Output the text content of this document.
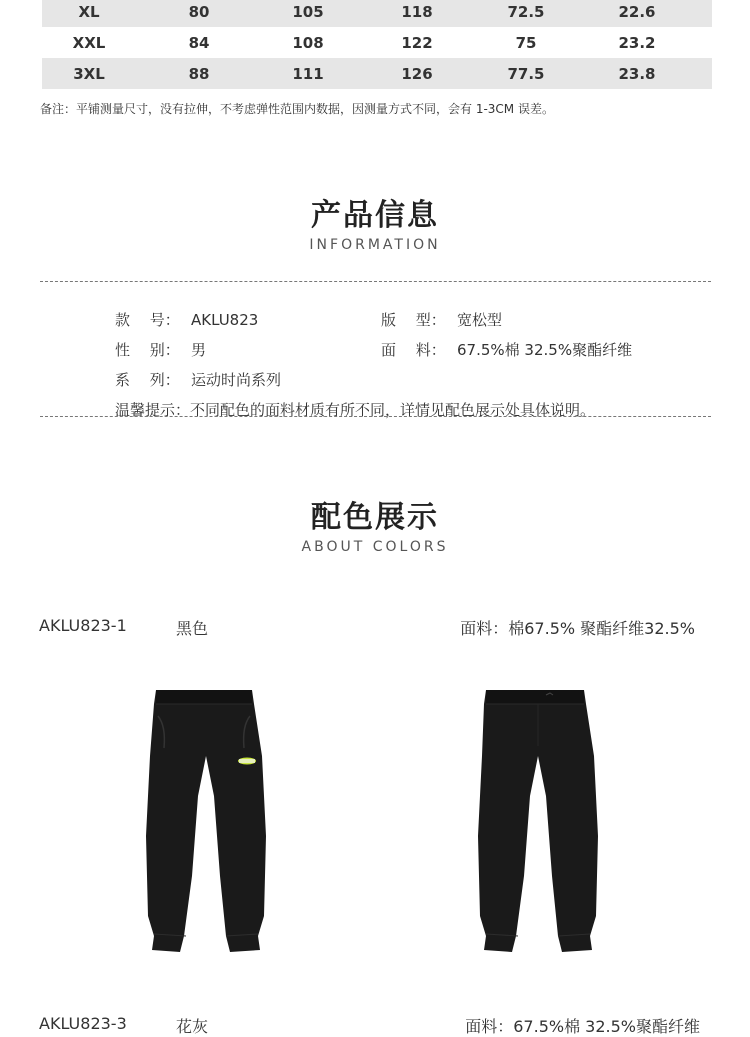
XL	80	105	118	72.5	22.6
XXL	84	108	122	75	23.2
3XL	88	111	126	77.5	23.8
备注：平铺测量尺寸，没有拉伸，不考虑弹性范围内数据，因测量方式不同，会有 1-3CM 误差。
产品信息
INFORMATION
款　 号： AKLU823	版　 型： 宽松型
性　 别： 男	面　 料： 67.5%棉 32.5%聚酯纤维
系　 列： 运动时尚系列
温馨提示：不同配色的面料材质有所不同，详情见配色展示处具体说明。
配色展示
ABOUT COLORS
AKLU823-1	黑色	面料：棉67.5% 聚酯纤维32.5%
AKLU823-3	花灰	面料：67.5%棉 32.5%聚酯纤维
